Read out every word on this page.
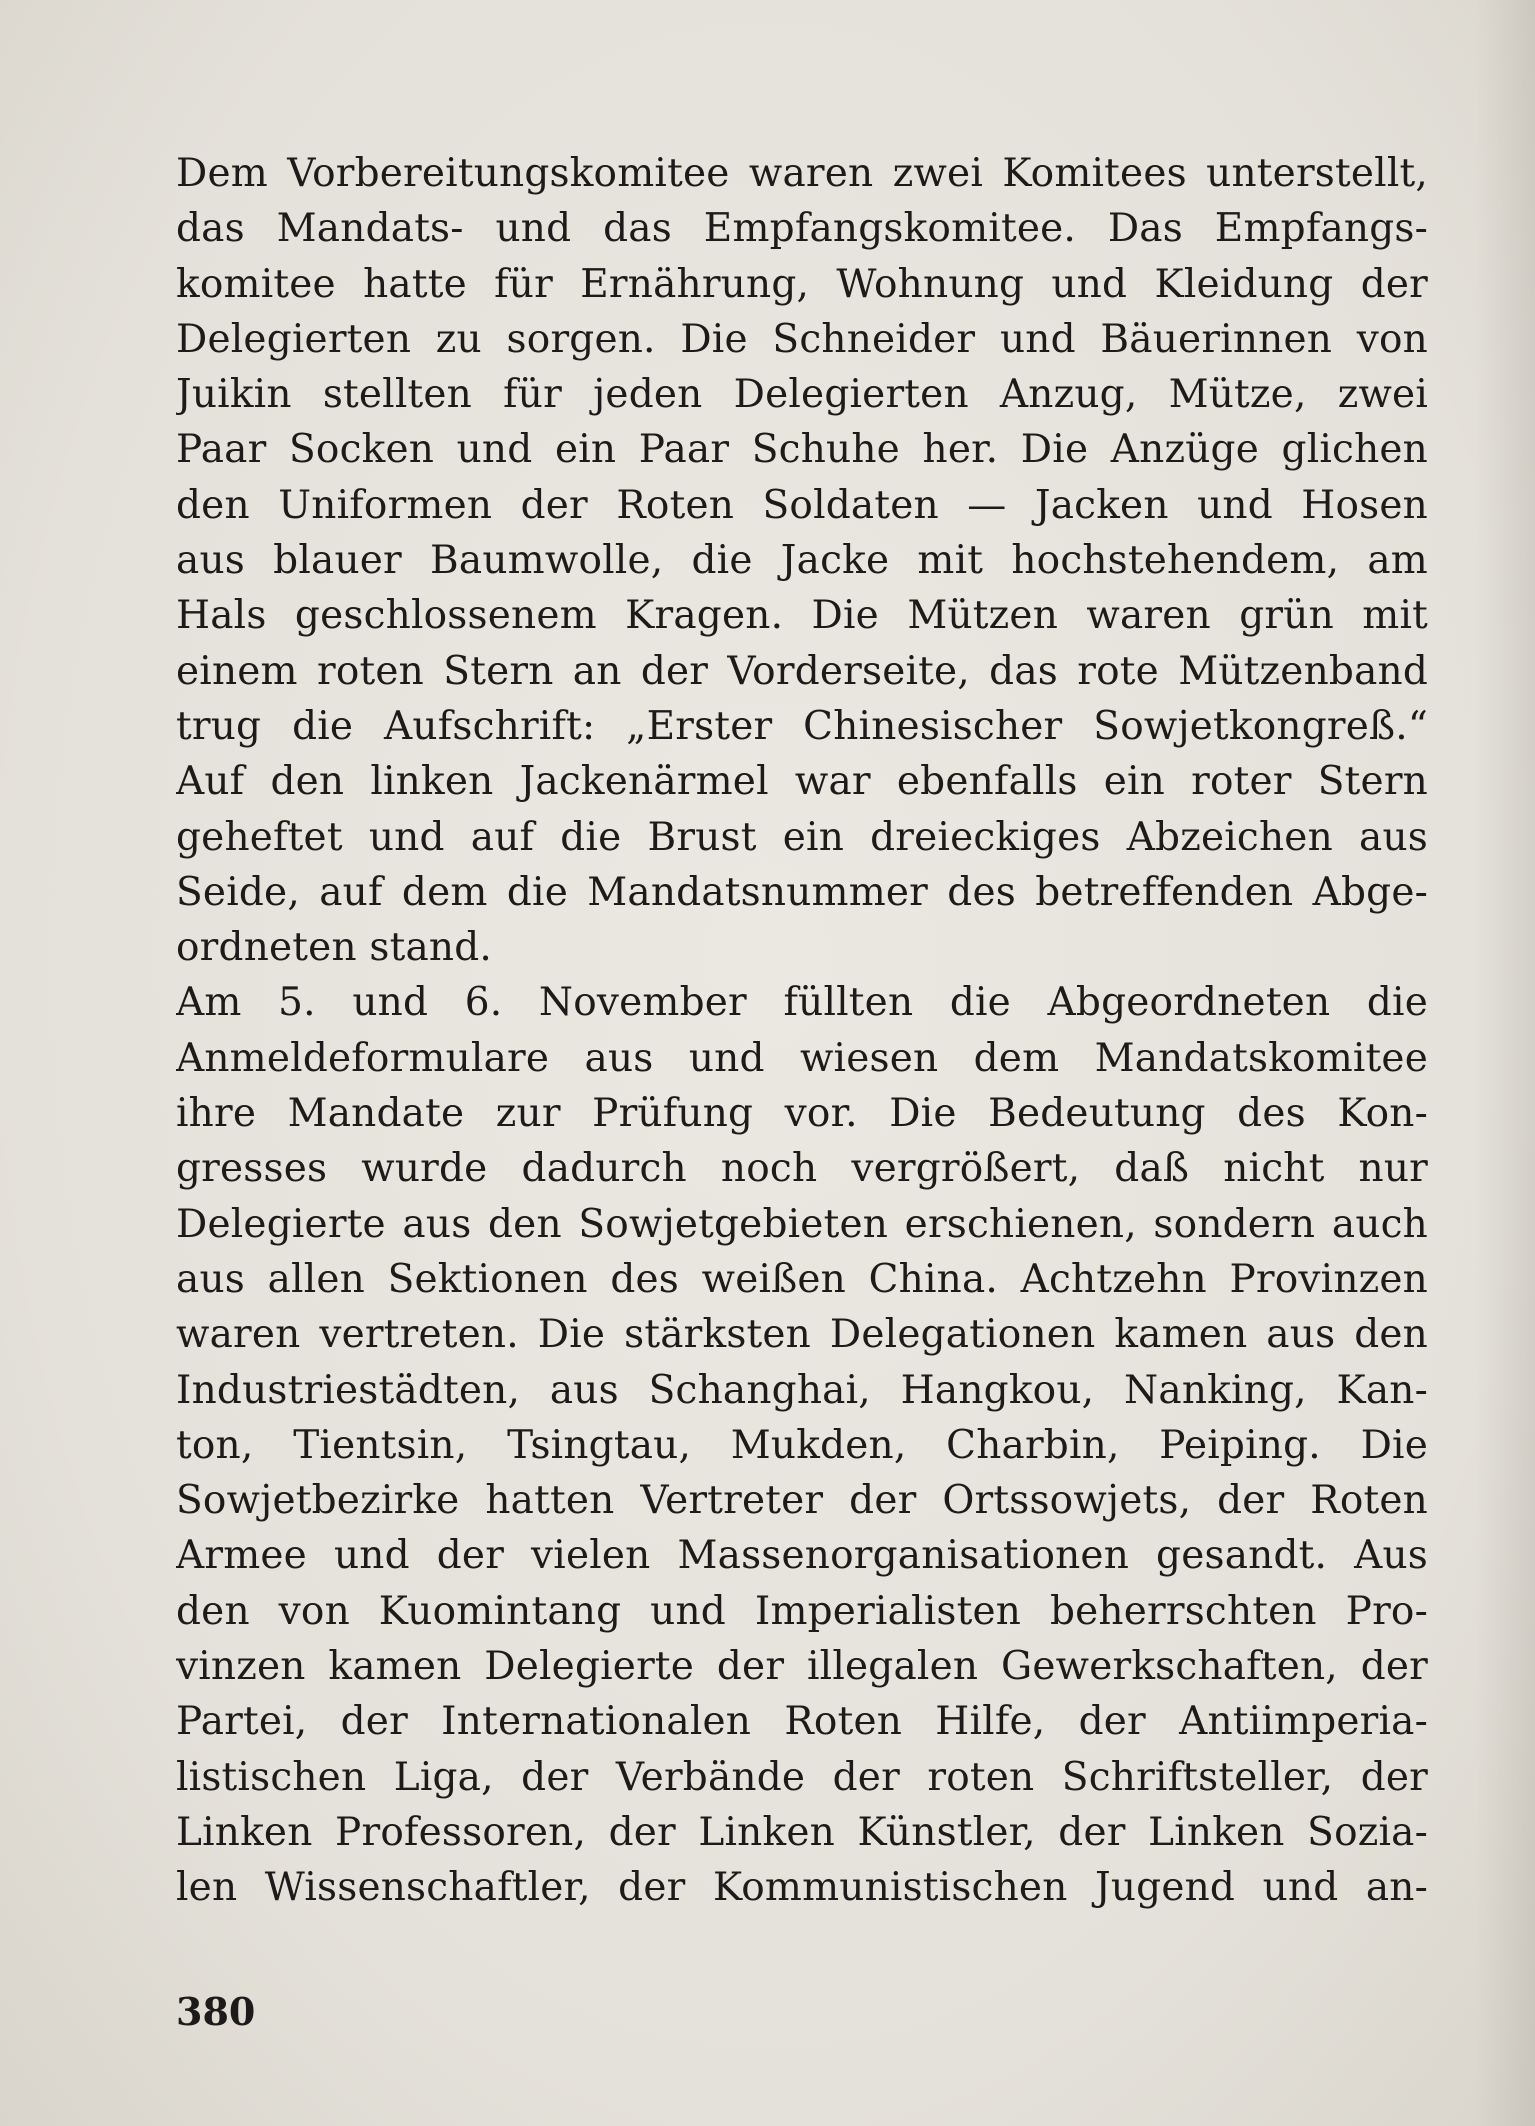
Dem Vorbereitungskomitee waren zwei Komitees unterstellt,
das Mandats- und das Empfangskomitee. Das Empfangs-
komitee hatte für Ernährung, Wohnung und Kleidung der
Delegierten zu sorgen. Die Schneider und Bäuerinnen von
Juikin stellten für jeden Delegierten Anzug, Mütze, zwei
Paar Socken und ein Paar Schuhe her. Die Anzüge glichen
den Uniformen der Roten Soldaten — Jacken und Hosen
aus blauer Baumwolle, die Jacke mit hochstehendem, am
Hals geschlossenem Kragen. Die Mützen waren grün mit
einem roten Stern an der Vorderseite, das rote Mützenband
trug die Aufschrift: „Erster Chinesischer Sowjetkongreß.“
Auf den linken Jackenärmel war ebenfalls ein roter Stern
geheftet und auf die Brust ein dreieckiges Abzeichen aus
Seide, auf dem die Mandatsnummer des betreffenden Abge-
ordneten stand.
Am 5. und 6. November füllten die Abgeordneten die
Anmeldeformulare aus und wiesen dem Mandatskomitee
ihre Mandate zur Prüfung vor. Die Bedeutung des Kon-
gresses wurde dadurch noch vergrößert, daß nicht nur
Delegierte aus den Sowjetgebieten erschienen, sondern auch
aus allen Sektionen des weißen China. Achtzehn Provinzen
waren vertreten. Die stärksten Delegationen kamen aus den
Industriestädten, aus Schanghai, Hangkou, Nanking, Kan-
ton, Tientsin, Tsingtau, Mukden, Charbin, Peiping. Die
Sowjetbezirke hatten Vertreter der Ortssowjets, der Roten
Armee und der vielen Massenorganisationen gesandt. Aus
den von Kuomintang und Imperialisten beherrschten Pro-
vinzen kamen Delegierte der illegalen Gewerkschaften, der
Partei, der Internationalen Roten Hilfe, der Antiimperia-
listischen Liga, der Verbände der roten Schriftsteller, der
Linken Professoren, der Linken Künstler, der Linken Sozia-
len Wissenschaftler, der Kommunistischen Jugend und an-
380
